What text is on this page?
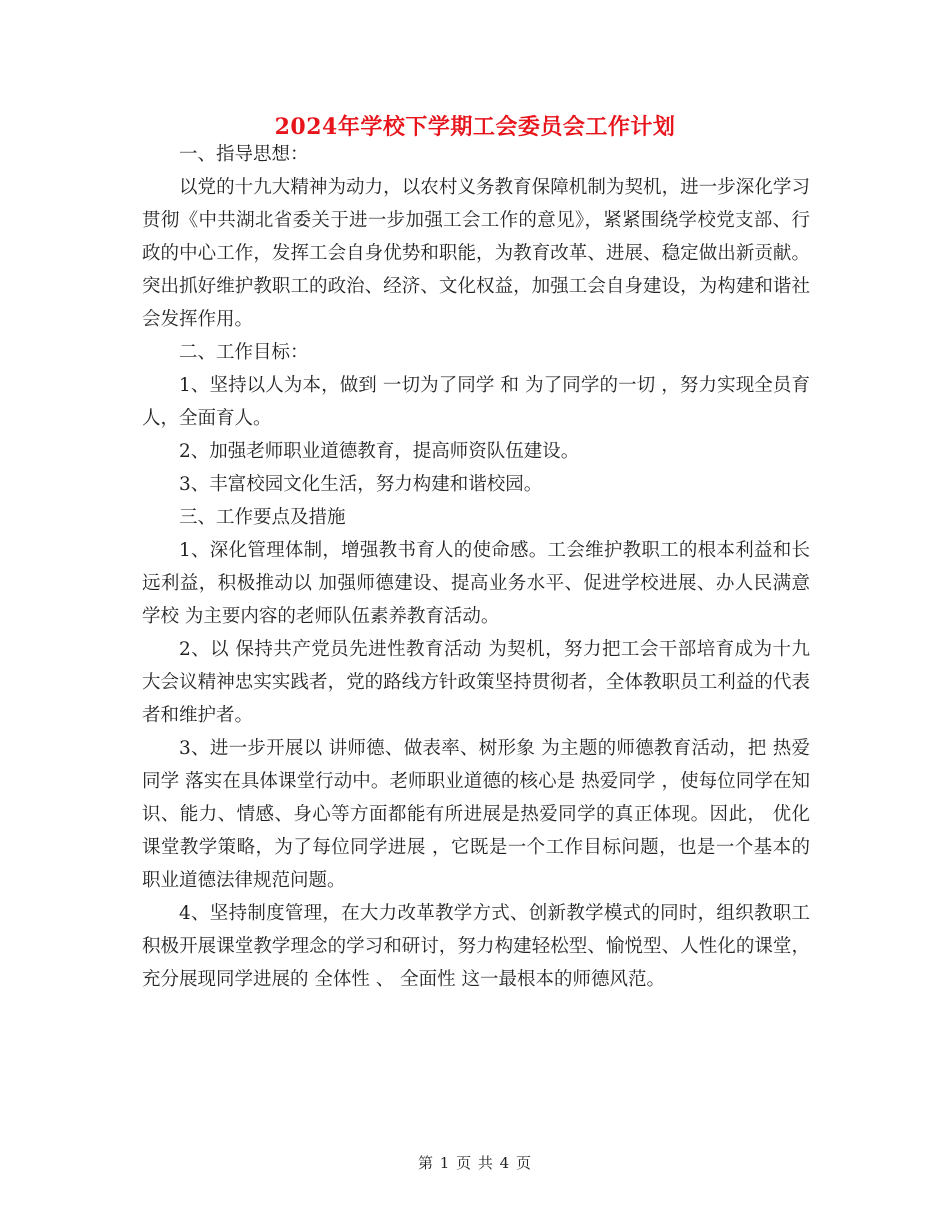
2024年学校下学期工会委员会工作计划

一、指导思想：

以党的十九大精神为动力，以农村义务教育保障机制为契机，进一步深化学习贯彻《中共湖北省委关于进一步加强工会工作的意见》，紧紧围绕学校党支部、行政的中心工作，发挥工会自身优势和职能，为教育改革、进展、稳定做出新贡献。突出抓好维护教职工的政治、经济、文化权益，加强工会自身建设，为构建和谐社会发挥作用。

二、工作目标：

1、坚持以人为本，做到 一切为了同学 和 为了同学的一切 ，努力实现全员育人，全面育人。

2、加强老师职业道德教育，提高师资队伍建设。

3、丰富校园文化生活，努力构建和谐校园。

三、工作要点及措施

1、深化管理体制，增强教书育人的使命感。工会维护教职工的根本利益和长远利益，积极推动以 加强师德建设、提高业务水平、促进学校进展、办人民满意学校 为主要内容的老师队伍素养教育活动。

2、以 保持共产党员先进性教育活动 为契机，努力把工会干部培育成为十九大会议精神忠实实践者，党的路线方针政策坚持贯彻者，全体教职员工利益的代表者和维护者。

3、进一步开展以 讲师德、做表率、树形象 为主题的师德教育活动，把 热爱同学 落实在具体课堂行动中。老师职业道德的核心是 热爱同学 ，使每位同学在知识、能力、情感、身心等方面都能有所进展是热爱同学的真正体现。因此， 优化课堂教学策略，为了每位同学进展 ，它既是一个工作目标问题，也是一个基本的职业道德法律规范问题。

4、坚持制度管理，在大力改革教学方式、创新教学模式的同时，组织教职工积极开展课堂教学理念的学习和研讨，努力构建轻松型、愉悦型、人性化的课堂，充分展现同学进展的 全体性 、 全面性 这一最根本的师德风范。

第 1 页 共 4 页
